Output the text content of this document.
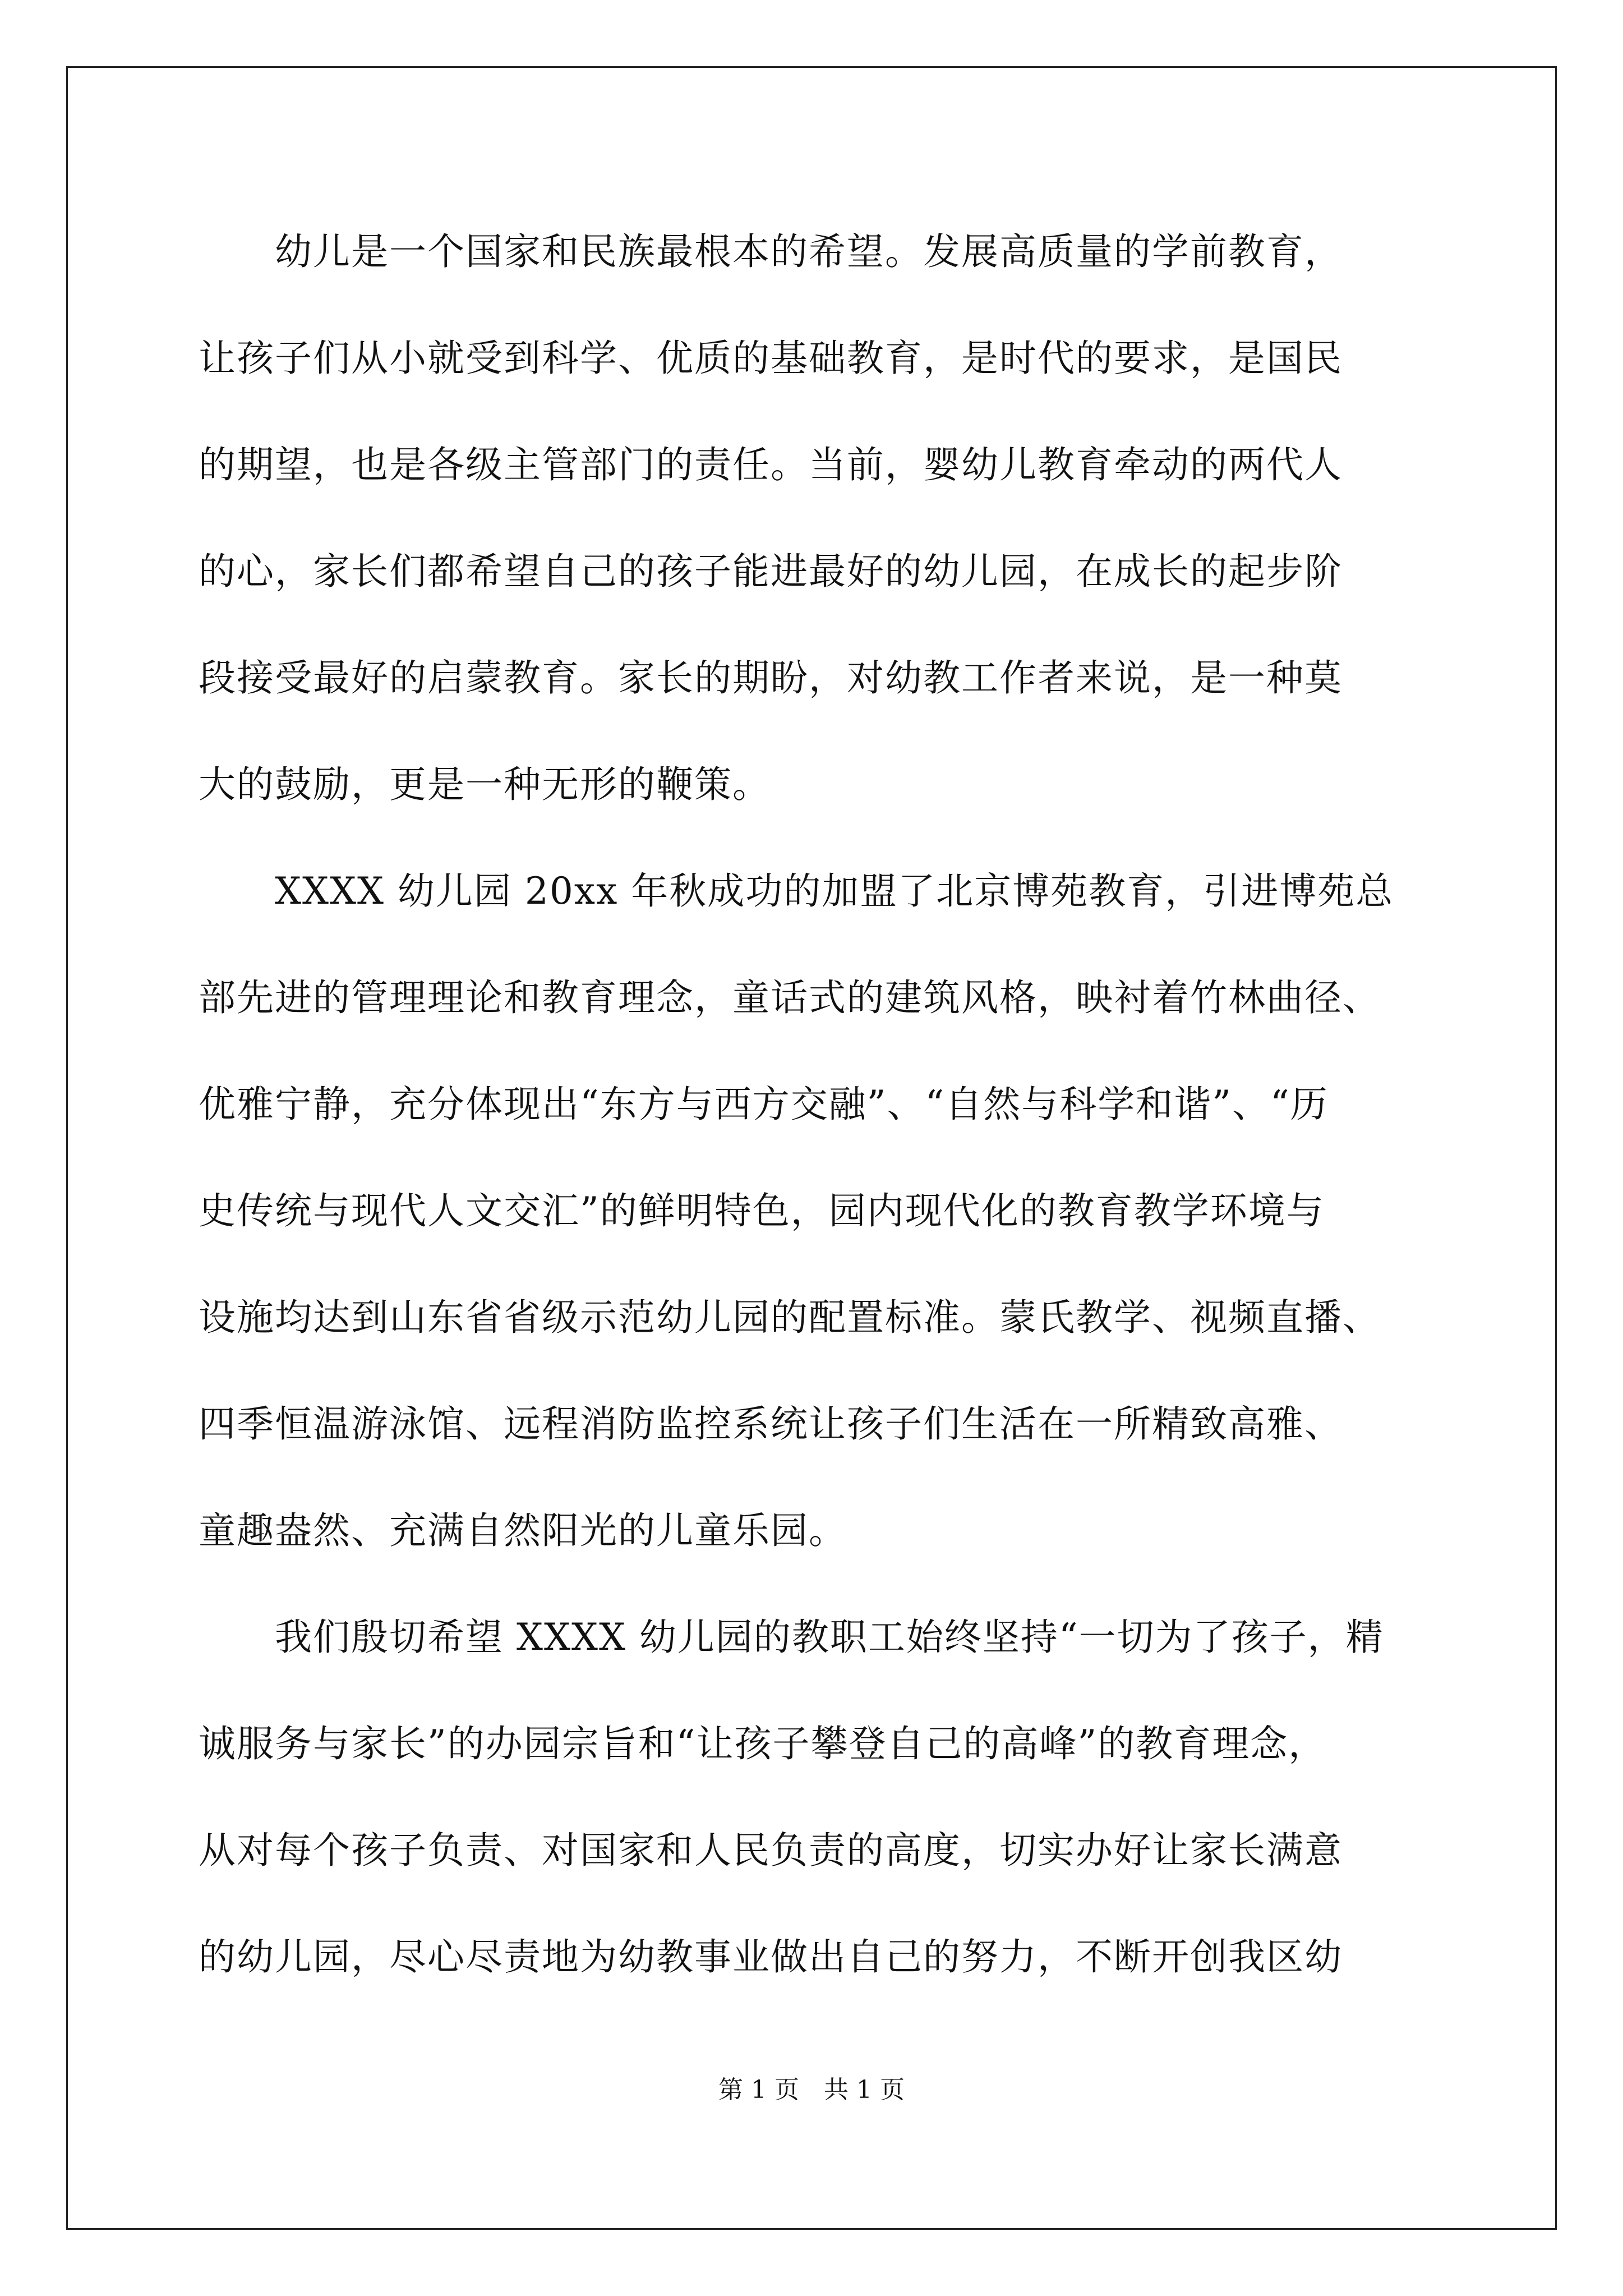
　　幼儿是一个国家和民族最根本的希望。发展高质量的学前教育，
让孩子们从小就受到科学、优质的基础教育，是时代的要求，是国民
的期望，也是各级主管部门的责任。当前，婴幼儿教育牵动的两代人
的心，家长们都希望自己的孩子能进最好的幼儿园，在成长的起步阶
段接受最好的启蒙教育。家长的期盼，对幼教工作者来说，是一种莫
大的鼓励，更是一种无形的鞭策。
　　XXXX 幼儿园 20xx 年秋成功的加盟了北京博苑教育，引进博苑总
部先进的管理理论和教育理念，童话式的建筑风格，映衬着竹林曲径、
优雅宁静，充分体现出“东方与西方交融”、“自然与科学和谐”、“历
史传统与现代人文交汇”的鲜明特色，园内现代化的教育教学环境与
设施均达到山东省省级示范幼儿园的配置标准。蒙氏教学、视频直播、
四季恒温游泳馆、远程消防监控系统让孩子们生活在一所精致高雅、
童趣盎然、充满自然阳光的儿童乐园。
　　我们殷切希望 XXXX 幼儿园的教职工始终坚持“一切为了孩子，精
诚服务与家长”的办园宗旨和“让孩子攀登自己的高峰”的教育理念，
从对每个孩子负责、对国家和人民负责的高度，切实办好让家长满意
的幼儿园，尽心尽责地为幼教事业做出自己的努力，不断开创我区幼
第 1 页　共 1 页
